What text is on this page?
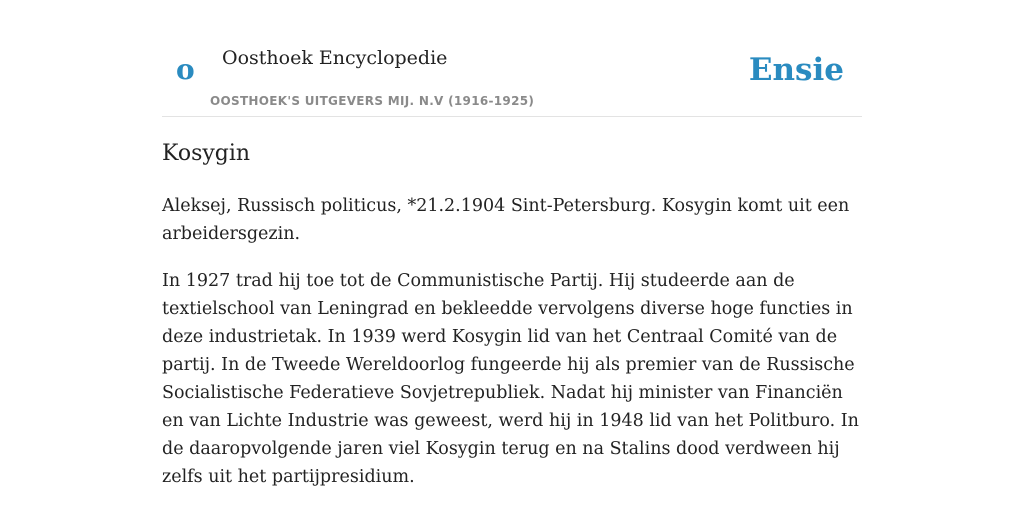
o Oosthoek Encyclopedie
OOSTHOEK'S UITGEVERS MIJ. N.V (1916-1925)
Ensie
Kosygin

Aleksej, Russisch politicus, *21.2.1904 Sint-Petersburg. Kosygin komt uit een arbeidersgezin.

In 1927 trad hij toe tot de Communistische Partij. Hij studeerde aan de textielschool van Leningrad en bekleedde vervolgens diverse hoge functies in deze industrietak. In 1939 werd Kosygin lid van het Centraal Comité van de partij. In de Tweede Wereldoorlog fungeerde hij als premier van de Russische Socialistische Federatieve Sovjetrepubliek. Nadat hij minister van Financiën en van Lichte Industrie was geweest, werd hij in 1948 lid van het Politburo. In de daaropvolgende jaren viel Kosygin terug en na Stalins dood verdween hij zelfs uit het partijpresidium.
